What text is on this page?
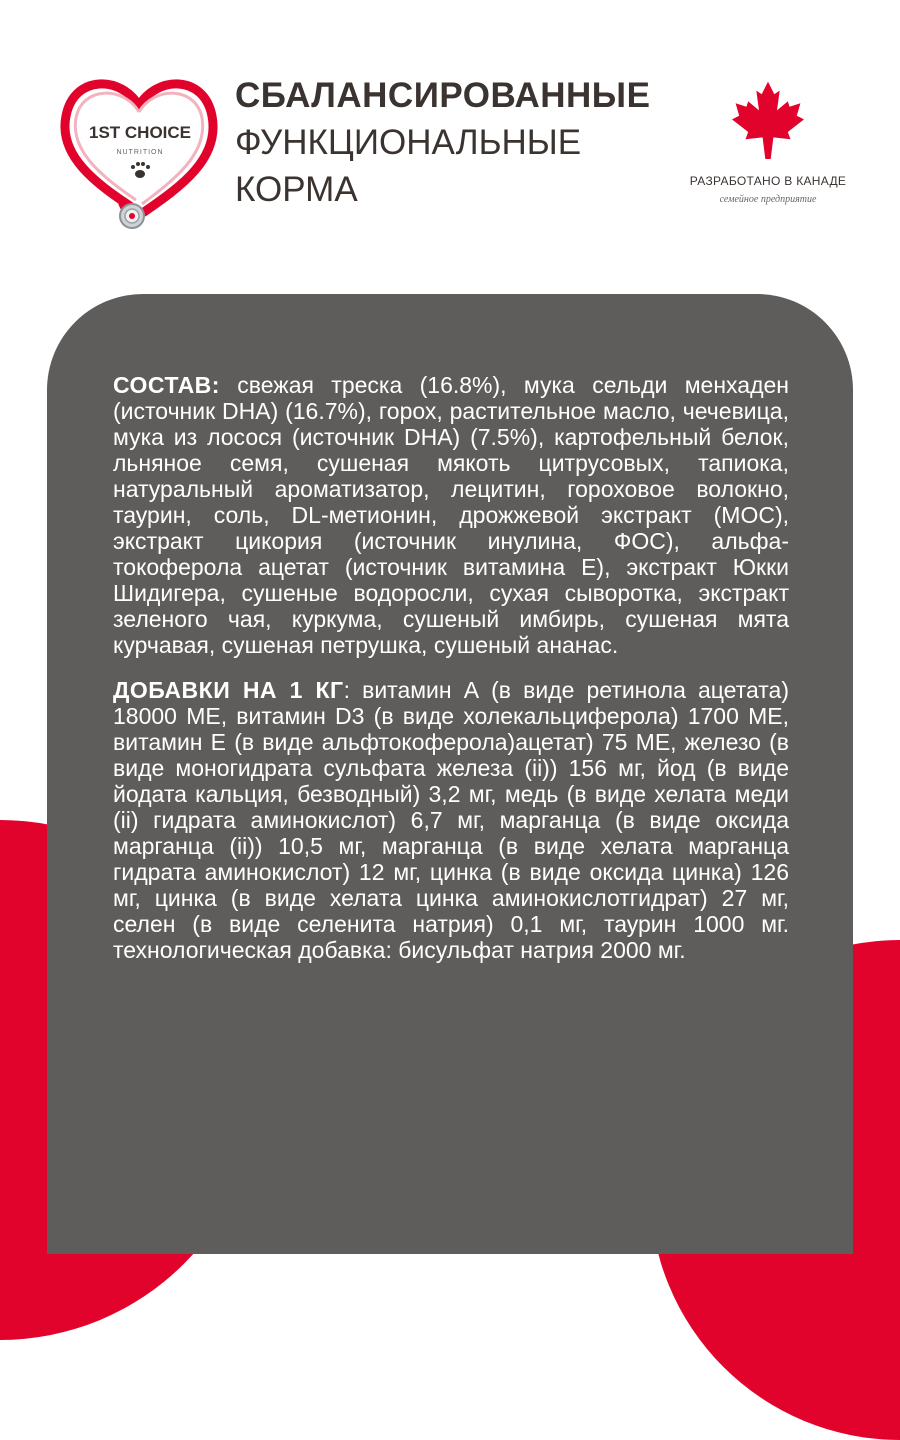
1ST CHOICE
NUTRITION
СБАЛАНСИРОВАННЫЕ
ФУНКЦИОНАЛЬНЫЕ
КОРМА	РАЗРАБОТАНО В КАНАДЕ
семейное предприятие

СОСТАВ: свежая треска (16.8%), мука сельди менхаден (источник DHA) (16.7%), горох, растительное масло, чечевица, мука из лосося (источник DHA) (7.5%), картофельный белок, льняное семя, сушеная мякоть цитрусовых, тапиока, натуральный ароматизатор, лецитин, гороховое волокно, таурин, соль, DL-метионин, дрожжевой экстракт (МОС), экстракт цикория (источник инулина, ФОС), альфа-токоферола ацетат (источник витамина Е), экстракт Юкки Шидигера, сушеные водоросли, сухая сыворотка, экстракт зеленого чая, куркума, сушеный имбирь, сушеная мята курчавая, сушеная петрушка, сушеный ананас.

ДОБАВКИ НА 1 КГ: витамин А (в виде ретинола ацетата) 18000 МЕ, витамин D3 (в виде холекальциферола) 1700 МЕ, витамин Е (в виде альфтокоферола)ацетат) 75 МЕ, железо (в виде моногидрата сульфата железа (ii)) 156 мг, йод (в виде йодата кальция, безводный) 3,2 мг, медь (в виде хелата меди (ii) гидрата аминокислот) 6,7 мг, марганца (в виде оксида марганца (ii)) 10,5 мг, марганца (в виде хелата марганца гидрата аминокислот) 12 мг, цинка (в виде оксида цинка) 126 мг, цинка (в виде хелата цинка аминокислотгидрат) 27 мг, селен (в виде селенита натрия) 0,1 мг, таурин 1000 мг. технологическая добавка: бисульфат натрия 2000 мг.
